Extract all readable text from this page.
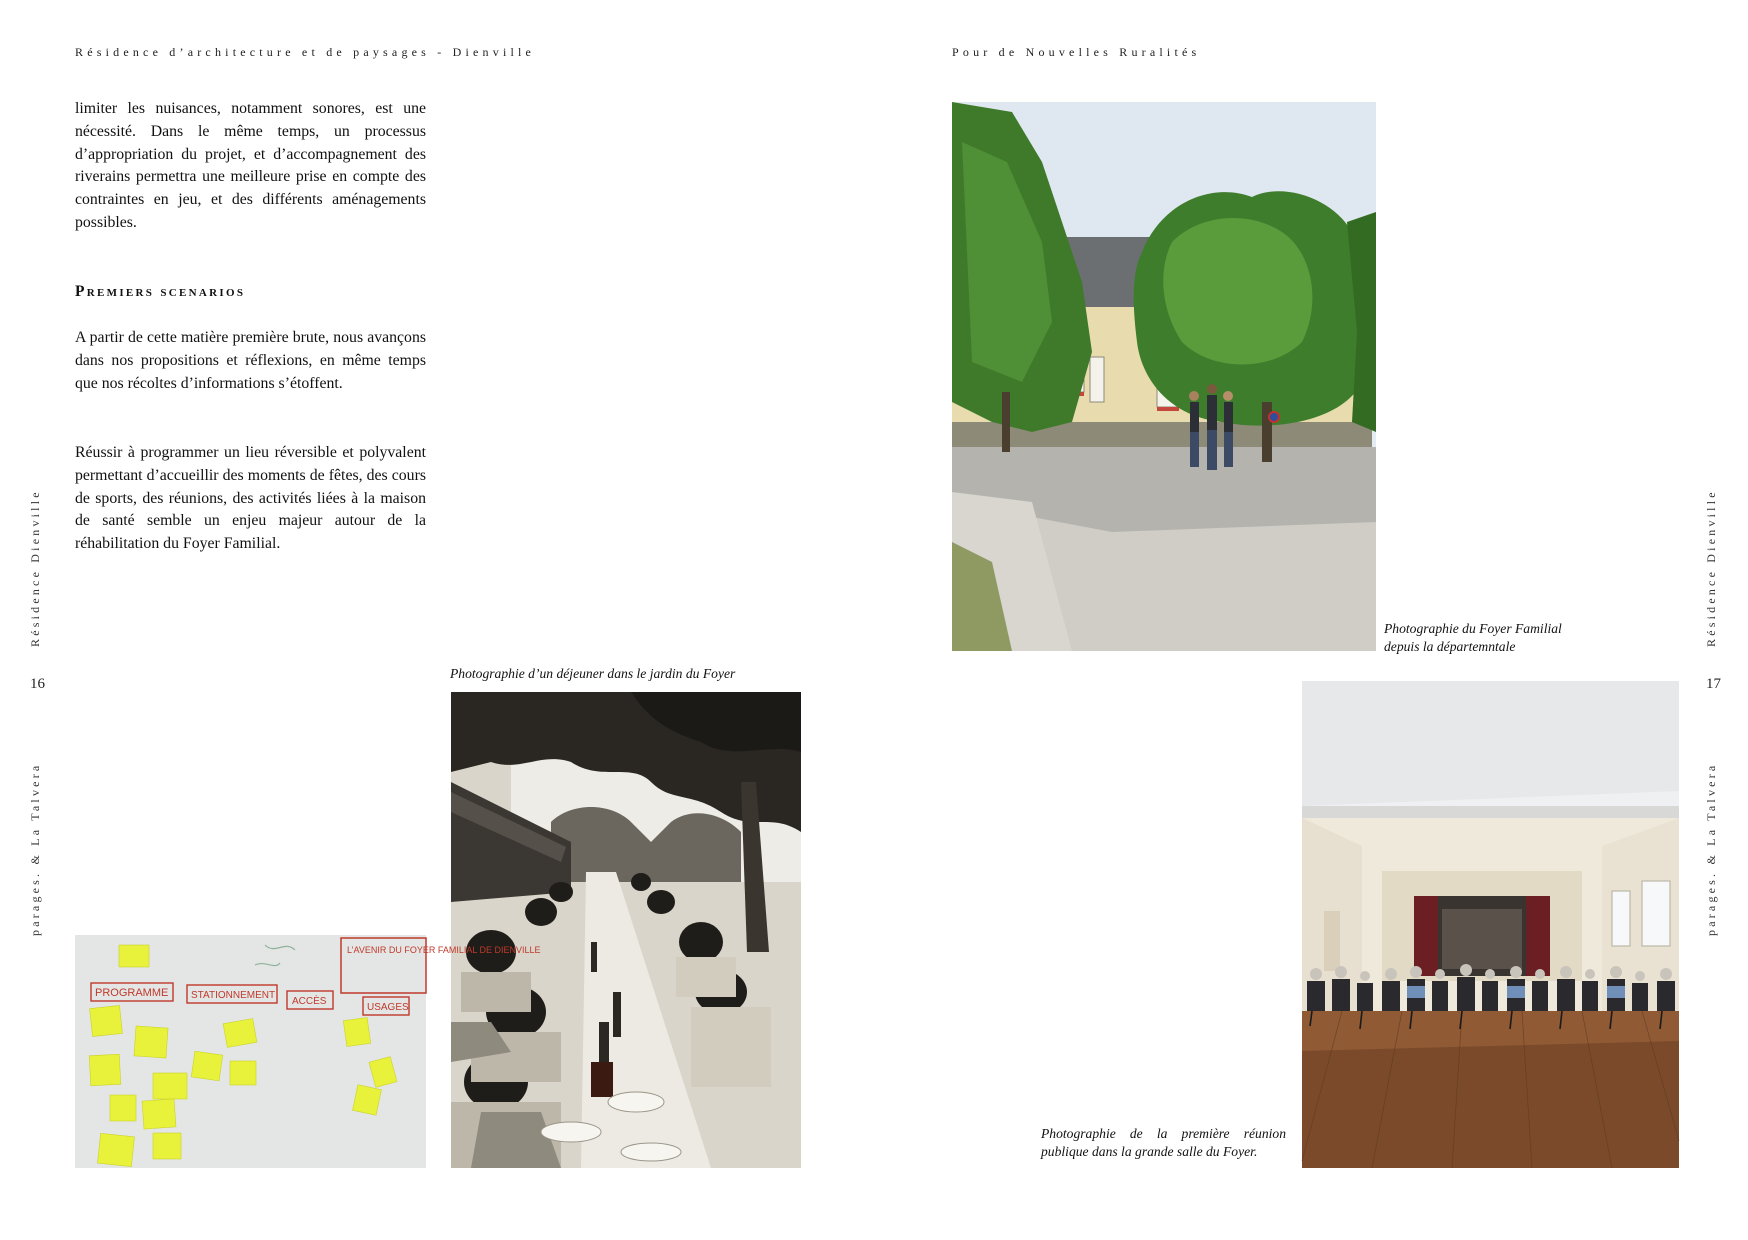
Résidence d’architecture et de paysages - Dienville	Pour de Nouvelles Ruralités
limiter les nuisances, notamment sonores, est une nécessité. Dans le même temps, un processus d’appropriation du projet, et d’accompagnement des riverains permettra une meilleure prise en compte des contraintes en jeu, et des différents aménagements possibles.
Premiers scenarios
A partir de cette matière première brute, nous avançons dans nos propositions et réflexions, en même temps que nos récoltes d’informations s’étoffent.
Réussir à programmer un lieu réversible et polyvalent permettant d’accueillir des moments de fêtes, des cours de sports, des réunions, des activités liées à la maison de santé semble un enjeu majeur autour de la réhabilitation du Foyer Familial.
Résidence Dienville
parages. & La Talvera
Résidence Dienville
parages. & La Talvera
16	17
Photographie d’un déjeuner dans le jardin du Foyer
Photographie du Foyer Familial depuis la départemntale
Photographie de la première réunion publique dans la grande salle du Foyer.
L’AVENIR DU FOYER FAMILIAL DE DIENVILLE
PROGRAMME STATIONNEMENT
ACCÈS
USAGES
